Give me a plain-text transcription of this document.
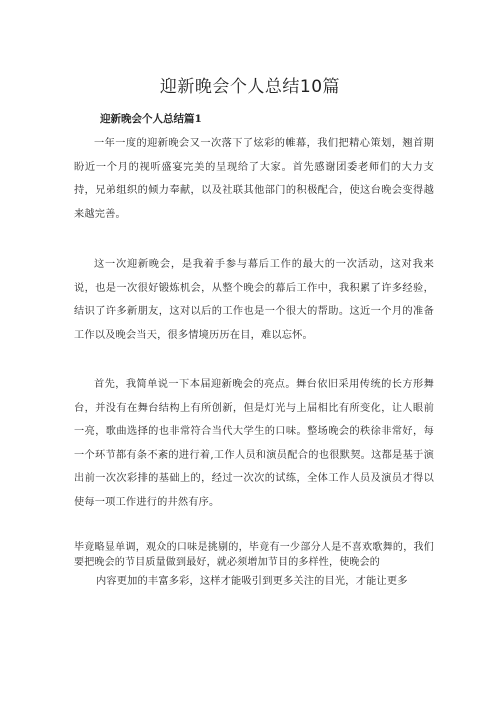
迎新晚会个人总结10篇
迎新晚会个人总结篇1
一年一度的迎新晚会又一次落下了炫彩的帷幕，我们把精心策划，翘首期盼近一个月的视听盛宴完美的呈现给了大家。首先感谢团委老师们的大力支持，兄弟组织的倾力奉献，以及社联其他部门的积极配合，使这台晚会变得越来越完善。
这一次迎新晚会，是我着手参与幕后工作的最大的一次活动，这对我来说，也是一次很好锻炼机会，从整个晚会的幕后工作中，我积累了许多经验，结识了许多新朋友，这对以后的工作也是一个很大的帮助。这近一个月的准备工作以及晚会当天，很多情境历历在目，难以忘怀。
首先，我简单说一下本届迎新晚会的亮点。舞台依旧采用传统的长方形舞台，并没有在舞台结构上有所创新，但是灯光与上届相比有所变化，让人眼前一亮，歌曲选择的也非常符合当代大学生的口味。整场晚会的秩徐非常好，每一个环节都有条不紊的进行着,工作人员和演员配合的也很默契。这都是基于演出前一次次彩排的基础上的，经过一次次的试练，全体工作人员及演员才得以使每一项工作进行的井然有序。
毕竟略显单调，观众的口味是挑剔的，毕竟有一少部分人是不喜欢歌舞的，我们要把晚会的节目质量做到最好，就必须增加节目的多样性，使晚会的
内容更加的丰富多彩，这样才能吸引到更多关注的目光，才能让更多
